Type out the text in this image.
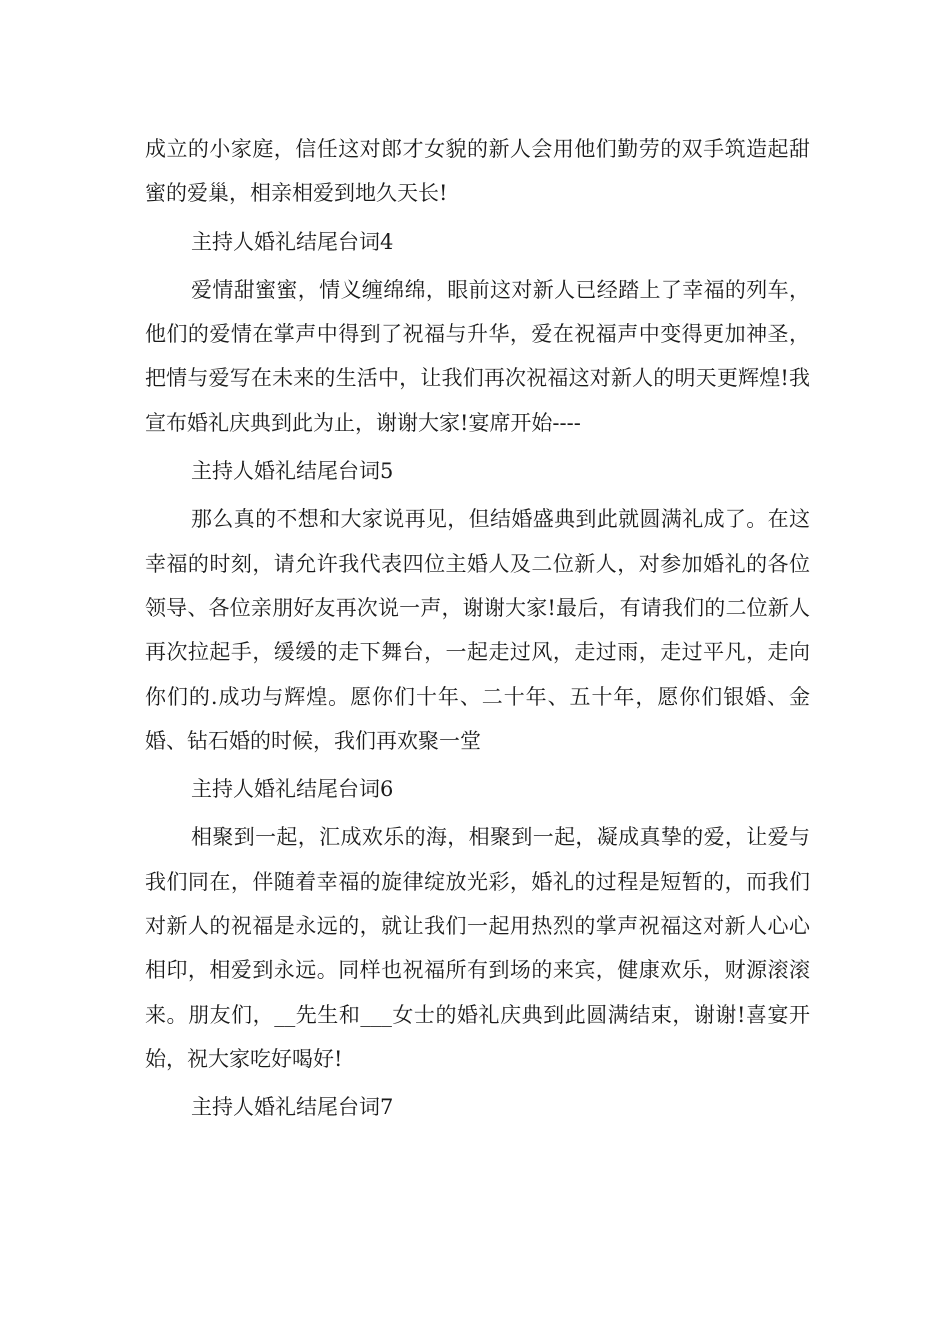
成立的小家庭，信任这对郎才女貌的新人会用他们勤劳的双手筑造起甜蜜的爱巢，相亲相爱到地久天长!

主持人婚礼结尾台词4

爱情甜蜜蜜，情义缠绵绵，眼前这对新人已经踏上了幸福的列车，他们的爱情在掌声中得到了祝福与升华，爱在祝福声中变得更加神圣，把情与爱写在未来的生活中，让我们再次祝福这对新人的明天更辉煌!我宣布婚礼庆典到此为止，谢谢大家!宴席开始----

主持人婚礼结尾台词5

那么真的不想和大家说再见，但结婚盛典到此就圆满礼成了。在这幸福的时刻，请允许我代表四位主婚人及二位新人，对参加婚礼的各位领导、各位亲朋好友再次说一声，谢谢大家!最后，有请我们的二位新人再次拉起手，缓缓的走下舞台，一起走过风，走过雨，走过平凡，走向你们的.成功与辉煌。愿你们十年、二十年、五十年，愿你们银婚、金婚、钻石婚的时候，我们再欢聚一堂

主持人婚礼结尾台词6

相聚到一起，汇成欢乐的海，相聚到一起，凝成真挚的爱，让爱与我们同在，伴随着幸福的旋律绽放光彩，婚礼的过程是短暂的，而我们对新人的祝福是永远的，就让我们一起用热烈的掌声祝福这对新人心心相印，相爱到永远。同样也祝福所有到场的来宾，健康欢乐，财源滚滚来。朋友们，__先生和___女士的婚礼庆典到此圆满结束，谢谢!喜宴开始，祝大家吃好喝好!

主持人婚礼结尾台词7
